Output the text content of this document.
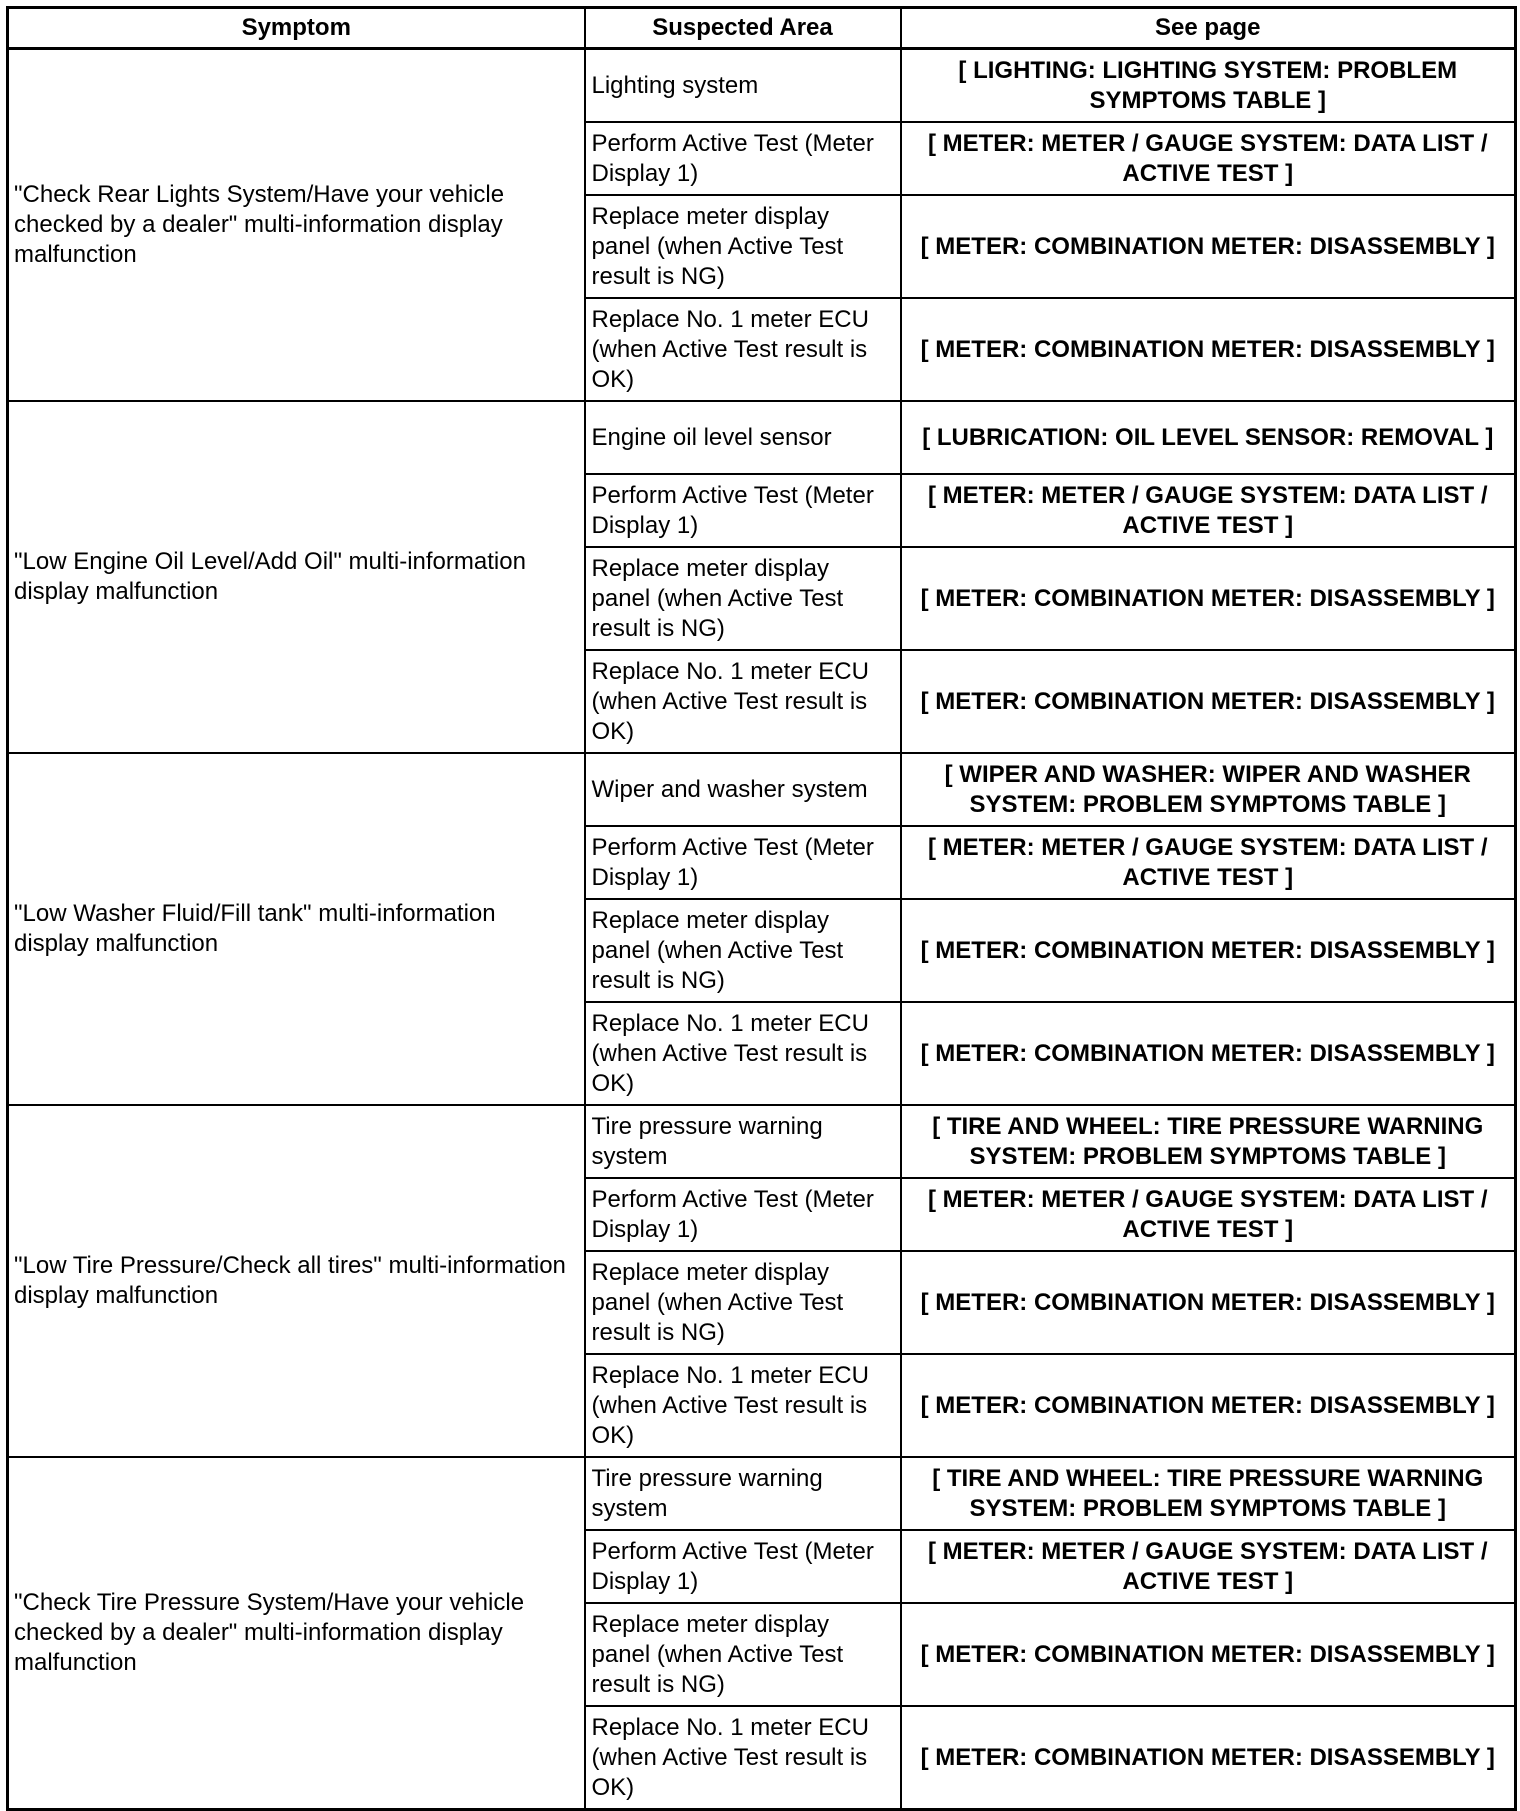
Symptom	Suspected Area	See page
"Check Rear Lights System/Have your vehicle checked by a dealer" multi-information display malfunction	Lighting system	[ LIGHTING: LIGHTING SYSTEM: PROBLEM SYMPTOMS TABLE ]
	Perform Active Test (Meter Display 1)	[ METER: METER / GAUGE SYSTEM: DATA LIST / ACTIVE TEST ]
	Replace meter display panel (when Active Test result is NG)	[ METER: COMBINATION METER: DISASSEMBLY ]
	Replace No. 1 meter ECU (when Active Test result is OK)	[ METER: COMBINATION METER: DISASSEMBLY ]
"Low Engine Oil Level/Add Oil" multi-information display malfunction	Engine oil level sensor	[ LUBRICATION: OIL LEVEL SENSOR: REMOVAL ]
	Perform Active Test (Meter Display 1)	[ METER: METER / GAUGE SYSTEM: DATA LIST / ACTIVE TEST ]
	Replace meter display panel (when Active Test result is NG)	[ METER: COMBINATION METER: DISASSEMBLY ]
	Replace No. 1 meter ECU (when Active Test result is OK)	[ METER: COMBINATION METER: DISASSEMBLY ]
"Low Washer Fluid/Fill tank" multi-information display malfunction	Wiper and washer system	[ WIPER AND WASHER: WIPER AND WASHER SYSTEM: PROBLEM SYMPTOMS TABLE ]
	Perform Active Test (Meter Display 1)	[ METER: METER / GAUGE SYSTEM: DATA LIST / ACTIVE TEST ]
	Replace meter display panel (when Active Test result is NG)	[ METER: COMBINATION METER: DISASSEMBLY ]
	Replace No. 1 meter ECU (when Active Test result is OK)	[ METER: COMBINATION METER: DISASSEMBLY ]
"Low Tire Pressure/Check all tires" multi-information display malfunction	Tire pressure warning system	[ TIRE AND WHEEL: TIRE PRESSURE WARNING SYSTEM: PROBLEM SYMPTOMS TABLE ]
	Perform Active Test (Meter Display 1)	[ METER: METER / GAUGE SYSTEM: DATA LIST / ACTIVE TEST ]
	Replace meter display panel (when Active Test result is NG)	[ METER: COMBINATION METER: DISASSEMBLY ]
	Replace No. 1 meter ECU (when Active Test result is OK)	[ METER: COMBINATION METER: DISASSEMBLY ]
"Check Tire Pressure System/Have your vehicle checked by a dealer" multi-information display malfunction	Tire pressure warning system	[ TIRE AND WHEEL: TIRE PRESSURE WARNING SYSTEM: PROBLEM SYMPTOMS TABLE ]
	Perform Active Test (Meter Display 1)	[ METER: METER / GAUGE SYSTEM: DATA LIST / ACTIVE TEST ]
	Replace meter display panel (when Active Test result is NG)	[ METER: COMBINATION METER: DISASSEMBLY ]
	Replace No. 1 meter ECU (when Active Test result is OK)	[ METER: COMBINATION METER: DISASSEMBLY ]
